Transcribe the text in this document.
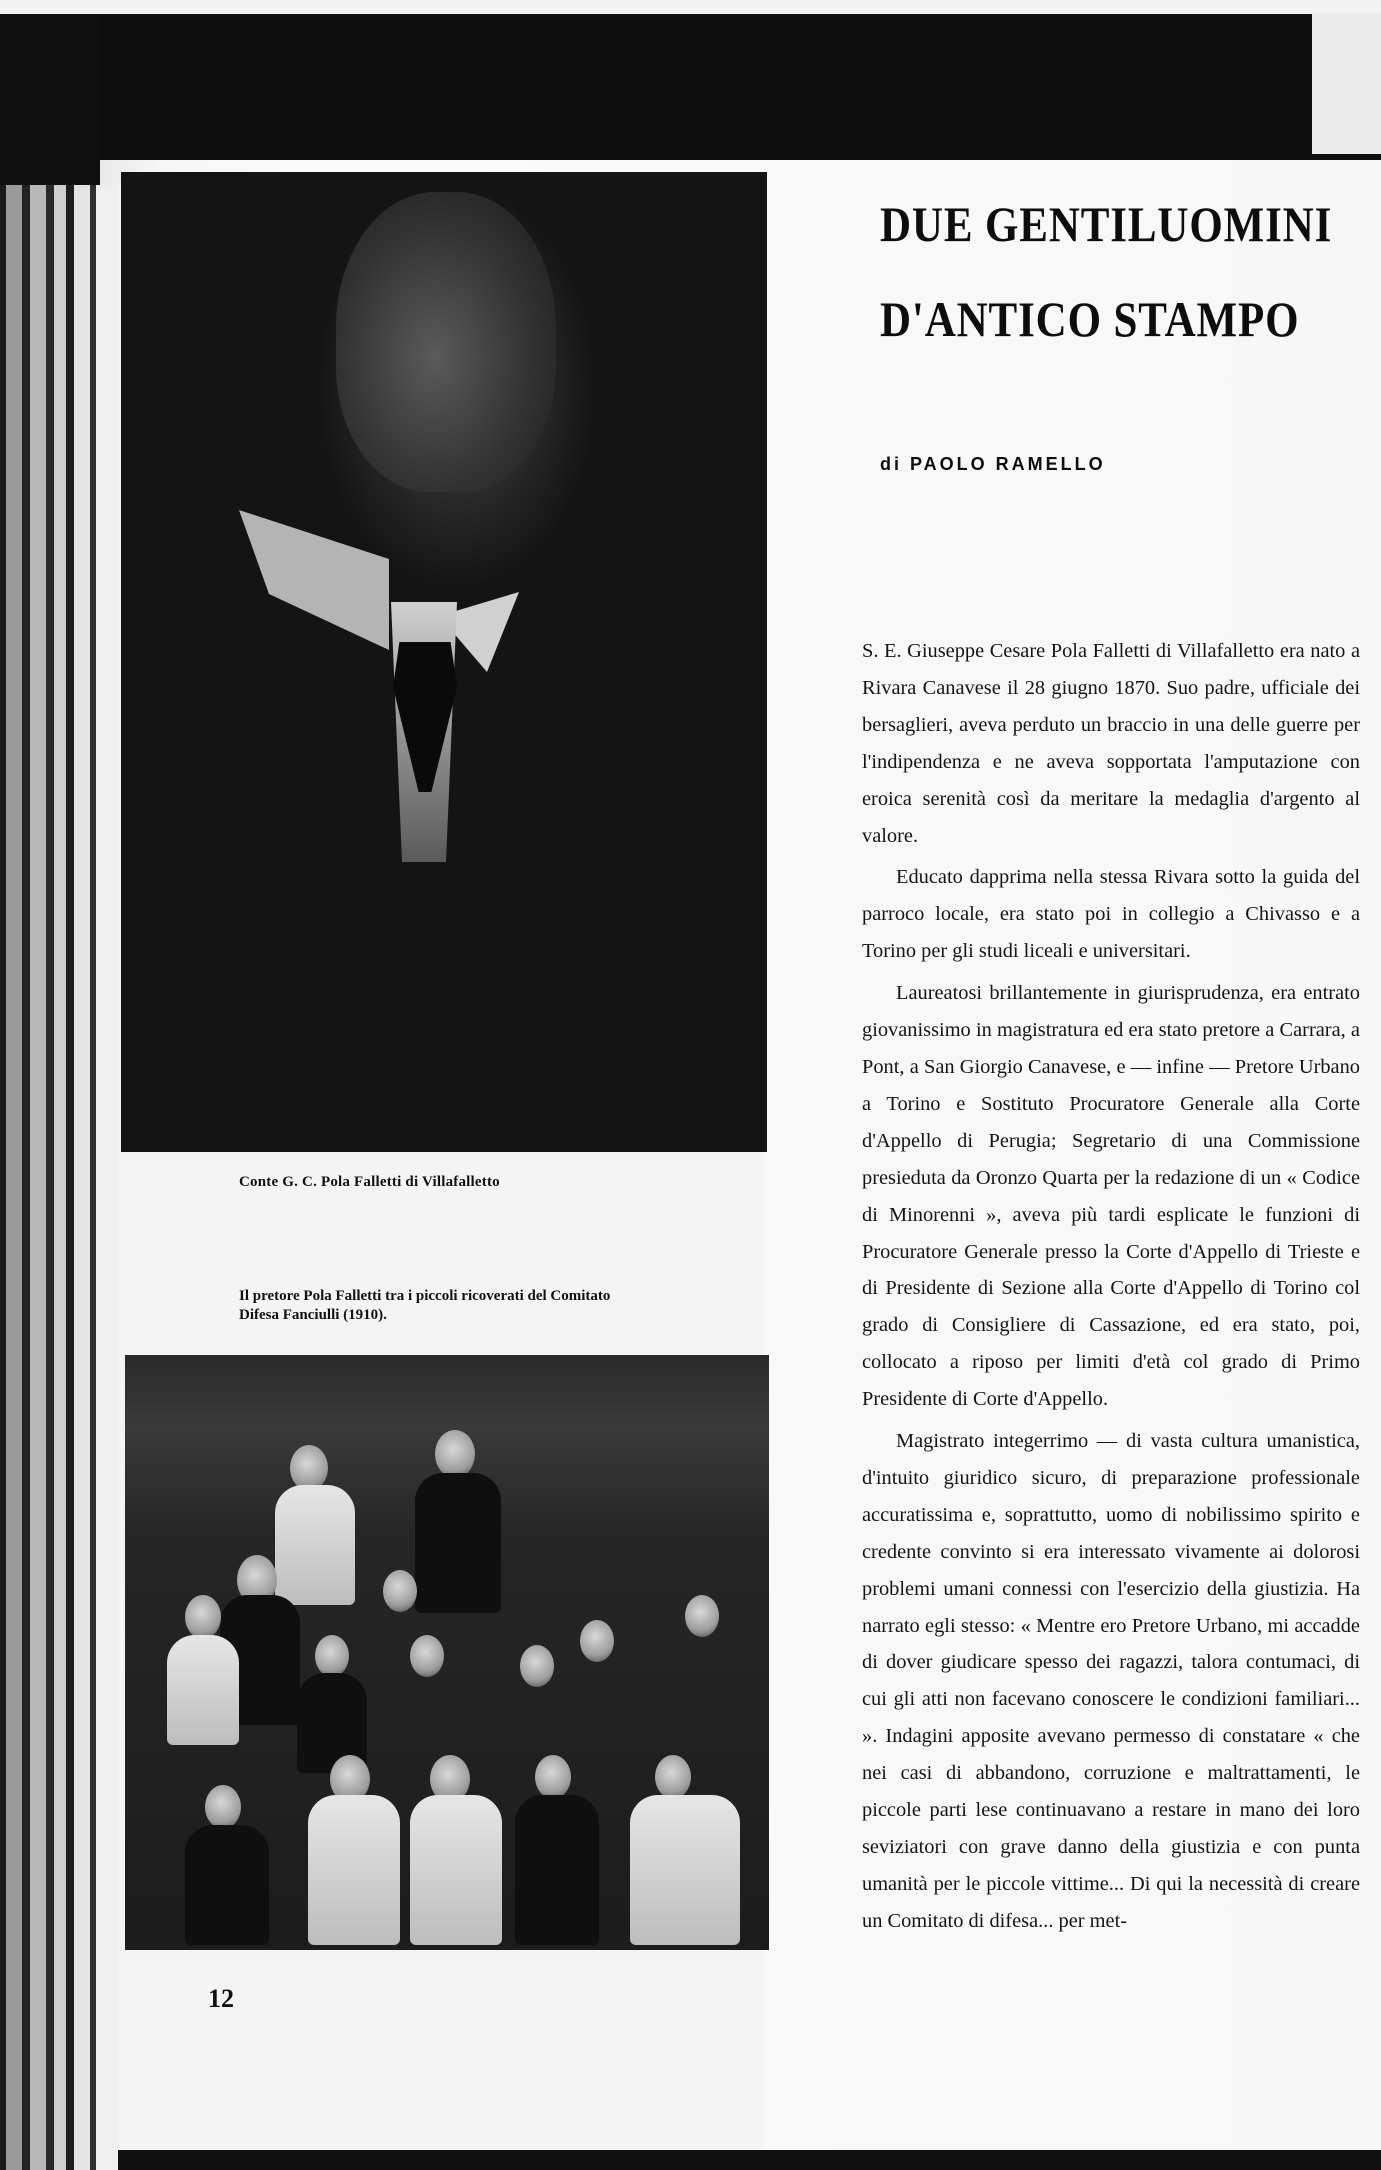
Conte G. C. Pola Falletti di Villafalletto
Il pretore Pola Falletti tra i piccoli ricoverati del Comitato Difesa Fanciulli (1910).
12
DUE GENTILUOMINI
D'ANTICO STAMPO
di PAOLO RAMELLO

S. E. Giuseppe Cesare Pola Falletti di Villafalletto era nato a Rivara Canavese il 28 giugno 1870. Suo padre, ufficiale dei bersaglieri, aveva perduto un braccio in una delle guerre per l'indipendenza e ne aveva sopportata l'amputazione con eroica serenità così da meritare la medaglia d'argento al valore.

Educato dapprima nella stessa Rivara sotto la guida del parroco locale, era stato poi in collegio a Chivasso e a Torino per gli studi liceali e universitari.

Laureatosi brillantemente in giurisprudenza, era entrato giovanissimo in magistratura ed era stato pretore a Carrara, a Pont, a San Giorgio Canavese, e — infine — Pretore Urbano a Torino e Sostituto Procuratore Generale alla Corte d'Appello di Perugia; Segretario di una Commissione presieduta da Oronzo Quarta per la redazione di un « Codice di Minorenni », aveva più tardi esplicate le funzioni di Procuratore Generale presso la Corte d'Appello di Trieste e di Presidente di Sezione alla Corte d'Appello di Torino col grado di Consigliere di Cassazione, ed era stato, poi, collocato a riposo per limiti d'età col grado di Primo Presidente di Corte d'Appello.

Magistrato integerrimo — di vasta cultura umanistica, d'intuito giuridico sicuro, di preparazione professionale accuratissima e, soprattutto, uomo di nobilissimo spirito e credente convinto si era interessato vivamente ai dolorosi problemi umani connessi con l'esercizio della giustizia. Ha narrato egli stesso: « Mentre ero Pretore Urbano, mi accadde di dover giudicare spesso dei ragazzi, talora contumaci, di cui gli atti non facevano conoscere le condizioni familiari... ». Indagini apposite avevano permesso di constatare « che nei casi di abbandono, corruzione e maltrattamenti, le piccole parti lese continuavano a restare in mano dei loro seviziatori con grave danno della giustizia e con punta umanità per le piccole vittime... Di qui la necessità di creare un Comitato di difesa... per met-
